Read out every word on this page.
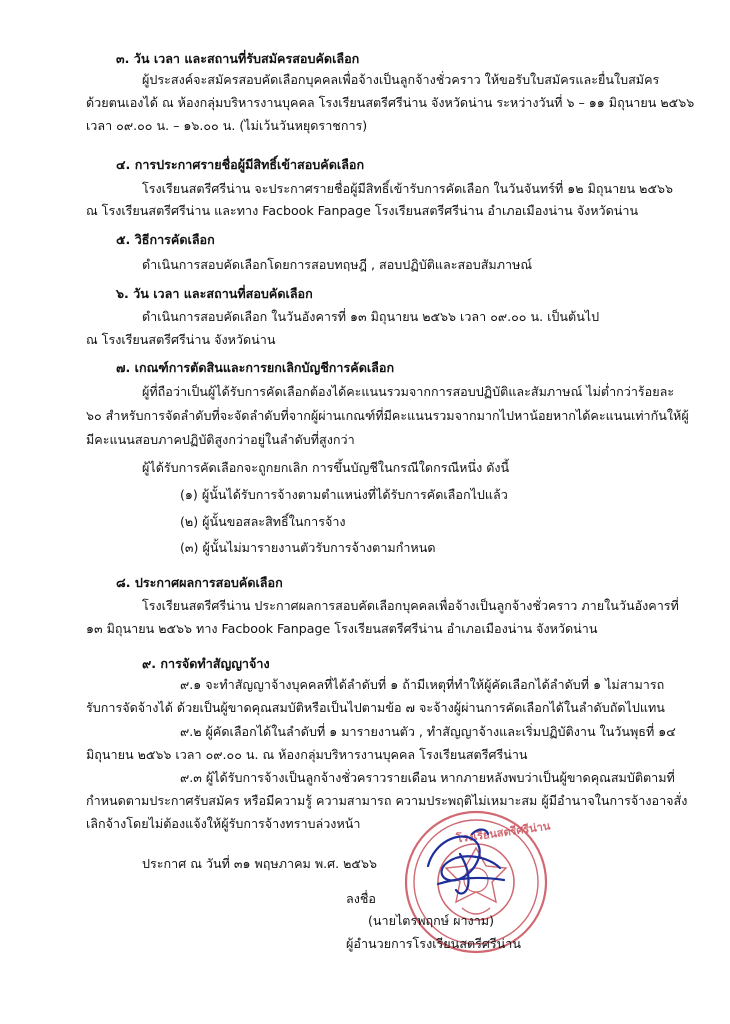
๓. วัน เวลา และสถานที่รับสมัครสอบคัดเลือก
ผู้ประสงค์จะสมัครสอบคัดเลือกบุคคลเพื่อจ้างเป็นลูกจ้างชั่วคราว ให้ขอรับใบสมัครและยื่นใบสมัคร
ด้วยตนเองได้ ณ ห้องกลุ่มบริหารงานบุคคล โรงเรียนสตรีศรีน่าน จังหวัดน่าน ระหว่างวันที่ ๖ – ๑๑ มิถุนายน ๒๕๖๖
เวลา ๐๙.๐๐ น. – ๑๖.๐๐ น. (ไม่เว้นวันหยุดราชการ)
๔. การประกาศรายชื่อผู้มีสิทธิ์เข้าสอบคัดเลือก
โรงเรียนสตรีศรีน่าน จะประกาศรายชื่อผู้มีสิทธิ์เข้ารับการคัดเลือก ในวันจันทร์ที่ ๑๒ มิถุนายน ๒๕๖๖
ณ โรงเรียนสตรีศรีน่าน และทาง Facbook Fanpage โรงเรียนสตรีศรีน่าน อำเภอเมืองน่าน จังหวัดน่าน
๕. วิธีการคัดเลือก
ดำเนินการสอบคัดเลือกโดยการสอบทฤษฎี , สอบปฏิบัติและสอบสัมภาษณ์
๖. วัน เวลา และสถานที่สอบคัดเลือก
ดำเนินการสอบคัดเลือก ในวันอังคารที่ ๑๓ มิถุนายน ๒๕๖๖ เวลา ๐๙.๐๐ น. เป็นต้นไป
ณ โรงเรียนสตรีศรีน่าน จังหวัดน่าน
๗. เกณฑ์การตัดสินและการยกเลิกบัญชีการคัดเลือก
ผู้ที่ถือว่าเป็นผู้ได้รับการคัดเลือกต้องได้คะแนนรวมจากการสอบปฏิบัติและสัมภาษณ์ ไม่ต่ำกว่าร้อยละ
๖๐ สำหรับการจัดลำดับที่จะจัดลำดับที่จากผู้ผ่านเกณฑ์ที่มีคะแนนรวมจากมากไปหาน้อยหากได้คะแนนเท่ากันให้ผู้
มีคะแนนสอบภาคปฏิบัติสูงกว่าอยู่ในลำดับที่สูงกว่า
ผู้ได้รับการคัดเลือกจะถูกยกเลิก การขึ้นบัญชีในกรณีใดกรณีหนึ่ง ดังนี้
(๑) ผู้นั้นได้รับการจ้างตามตำแหน่งที่ได้รับการคัดเลือกไปแล้ว
(๒) ผู้นั้นขอสละสิทธิ์ในการจ้าง
(๓) ผู้นั้นไม่มารายงานตัวรับการจ้างตามกำหนด
๘. ประกาศผลการสอบคัดเลือก
โรงเรียนสตรีศรีน่าน ประกาศผลการสอบคัดเลือกบุคคลเพื่อจ้างเป็นลูกจ้างชั่วคราว ภายในวันอังคารที่
๑๓ มิถุนายน ๒๕๖๖ ทาง Facbook Fanpage โรงเรียนสตรีศรีน่าน อำเภอเมืองน่าน จังหวัดน่าน
๙. การจัดทำสัญญาจ้าง
๙.๑ จะทำสัญญาจ้างบุคคลที่ได้ลำดับที่ ๑ ถ้ามีเหตุที่ทำให้ผู้คัดเลือกได้ลำดับที่ ๑ ไม่สามารถ
รับการจัดจ้างได้ ด้วยเป็นผู้ขาดคุณสมบัติหรือเป็นไปตามข้อ ๗ จะจ้างผู้ผ่านการคัดเลือกได้ในลำดับถัดไปแทน
๙.๒ ผู้คัดเลือกได้ในลำดับที่ ๑ มารายงานตัว , ทำสัญญาจ้างและเริ่มปฏิบัติงาน ในวันพุธที่ ๑๔
มิถุนายน ๒๕๖๖ เวลา ๐๙.๐๐ น. ณ ห้องกลุ่มบริหารงานบุคคล โรงเรียนสตรีศรีน่าน
๙.๓ ผู้ได้รับการจ้างเป็นลูกจ้างชั่วคราวรายเดือน หากภายหลังพบว่าเป็นผู้ขาดคุณสมบัติตามที่
กำหนดตามประกาศรับสมัคร หรือมีความรู้ ความสามารถ ความประพฤติไม่เหมาะสม ผู้มีอำนาจในการจ้างอาจสั่ง
เลิกจ้างโดยไม่ต้องแจ้งให้ผู้รับการจ้างทราบล่วงหน้า
ประกาศ ณ วันที่ ๓๑ พฤษภาคม พ.ศ. ๒๕๖๖
โรงเรียนสตรีศรีน่าน
ลงชื่อ
(นายไตรพฤกษ์ ผางาม)
ผู้อำนวยการโรงเรียนสตรีศรีน่าน
